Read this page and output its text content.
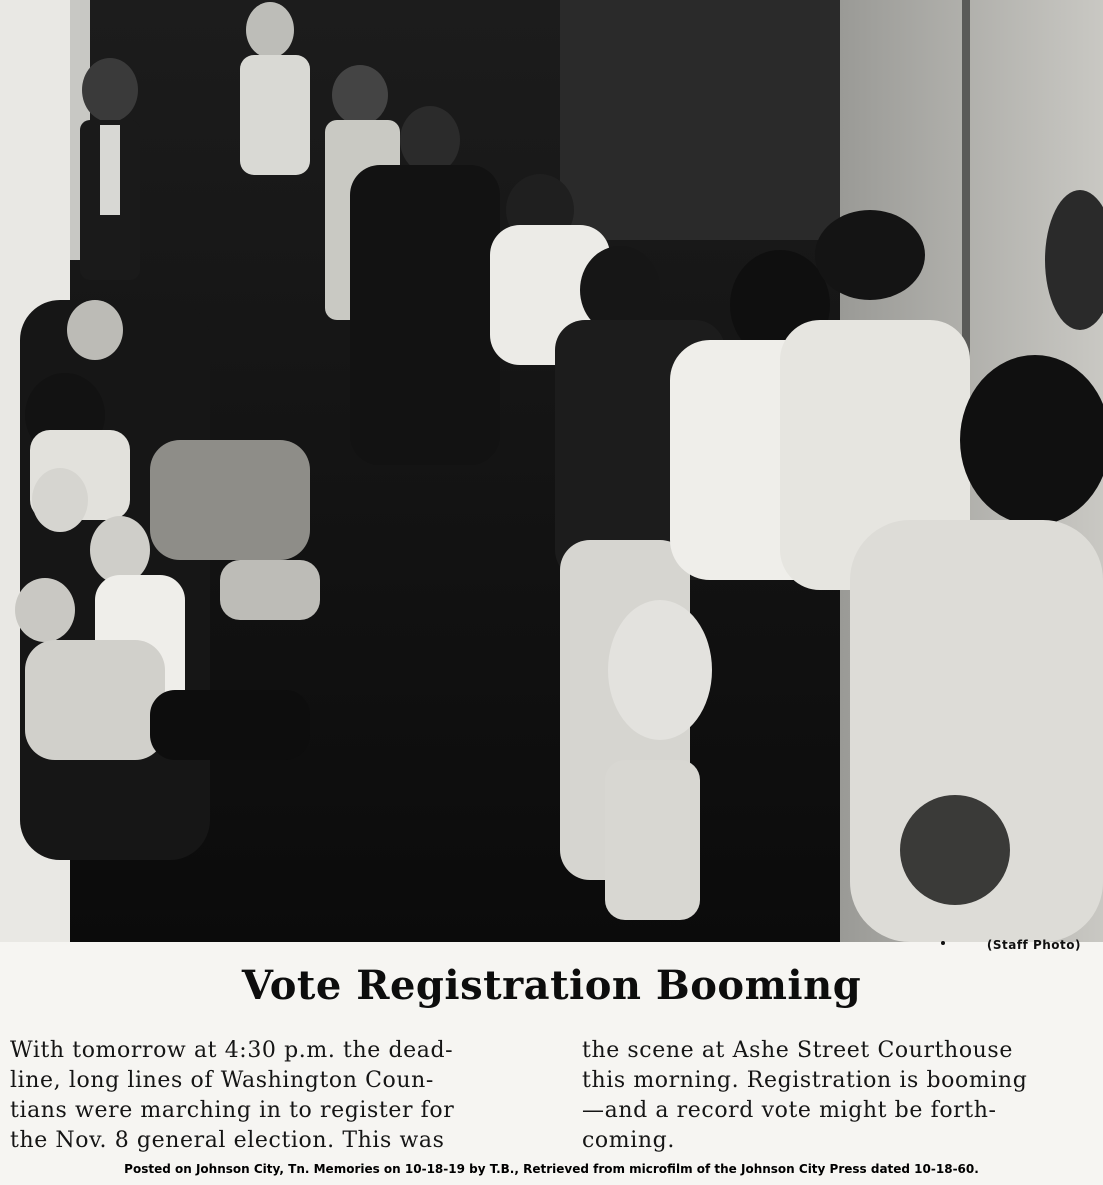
(Staff Photo)
Vote Registration Booming
With tomorrow at 4:30 p.m. the dead-
line, long lines of Washington Coun-
tians were marching in to register for
the Nov. 8 general election. This was
the scene at Ashe Street Courthouse
this morning. Registration is booming
—and a record vote might be forth-
coming.
Posted on Johnson City, Tn. Memories on 10-18-19 by T.B., Retrieved from microfilm of the Johnson City Press dated 10-18-60.
